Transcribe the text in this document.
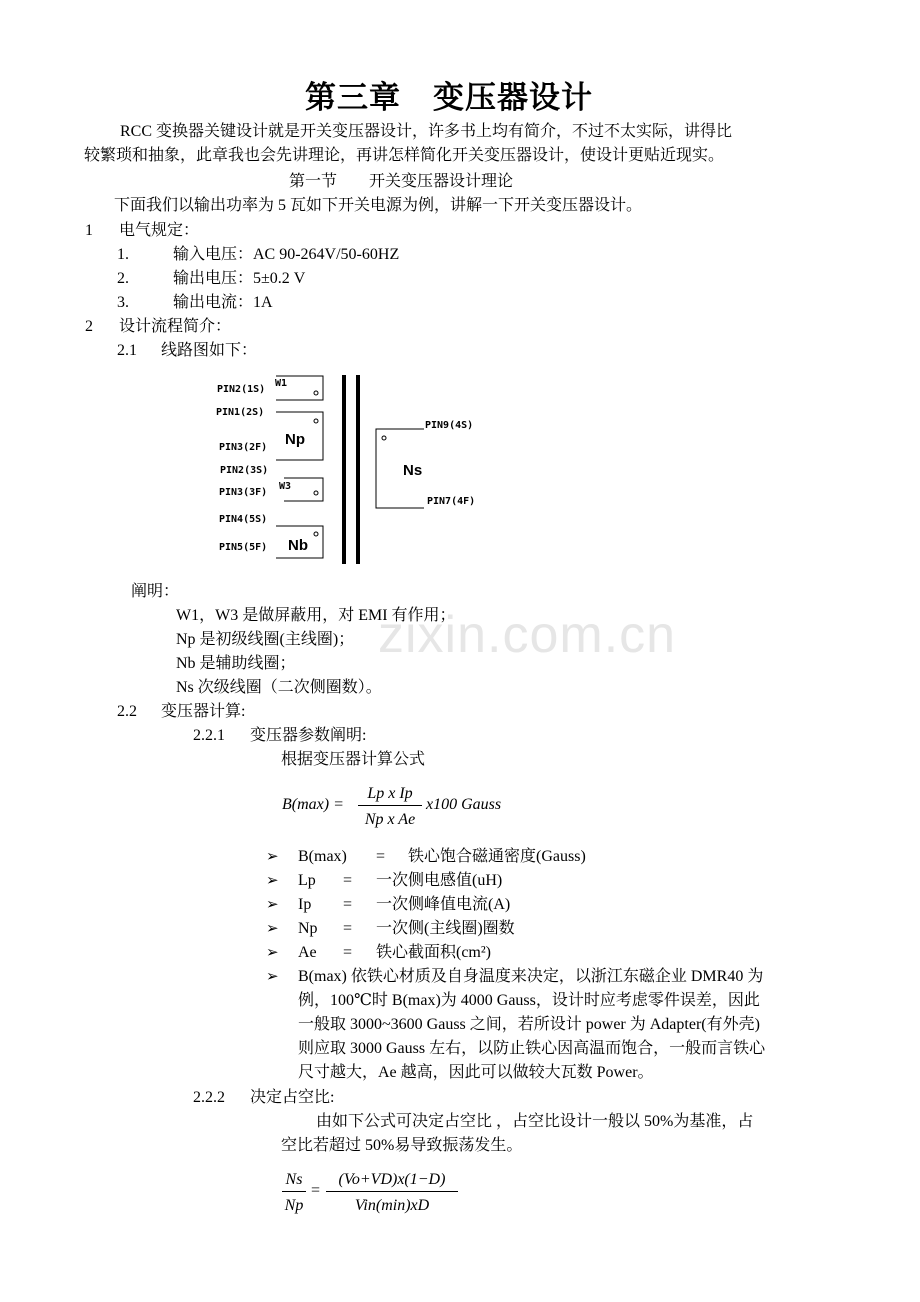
zixin.com.cn
第三章　变压器设计
RCC 变换器关键设计就是开关变压器设计，许多书上均有简介，不过不太实际，讲得比
较繁琐和抽象，此章我也会先讲理论，再讲怎样简化开关变压器设计，使设计更贴近现实。
第一节　　开关变压器设计理论
下面我们以输出功率为 5 瓦如下开关电源为例，讲解一下开关变压器设计。
1 电气规定：
1.	输入电压：AC 90-264V/50-60HZ
2.	输出电压：5±0.2 V
3.	输出电流：1A
2 设计流程简介：
2.1 线路图如下：
PIN2(1S)
PIN1(2S)
PIN3(2F)
PIN2(3S)
PIN3(3F)
PIN4(5S)
PIN5(5F)
PIN9(4S)
PIN7(4F)
W1
Np
W3
Nb
Ns
阐明：
W1，W3 是做屏蔽用，对 EMI 有作用；
Np 是初级线圈(主线圈)；
Nb 是辅助线圈；
Ns 次级线圈（二次侧圈数）。
2.2 变压器计算:
2.2.1 变压器参数阐明:
根据变压器计算公式
B(max) =
Lp x Ip
Np x Ae
x100 Gauss
➢ B(max) = 铁心饱合磁通密度(Gauss)
➢ Lp = 一次侧电感值(uH)
➢ Ip = 一次侧峰值电流(A)
➢ Np = 一次侧(主线圈)圈数
➢ Ae = 铁心截面积(cm²)
➢ B(max) 依铁心材质及自身温度来决定，以浙江东磁企业 DMR40 为
例，100℃时 B(max)为 4000 Gauss，设计时应考虑零件误差，因此
一般取 3000~3600 Gauss 之间，若所设计 power 为 Adapter(有外壳)
则应取 3000 Gauss 左右，以防止铁心因高温而饱合，一般而言铁心
尺寸越大，Ae 越高，因此可以做较大瓦数 Power。
2.2.2 决定占空比:
由如下公式可决定占空比 ，占空比设计一般以 50%为基准，占
空比若超过 50%易导致振荡发生。
Ns
Np
=
(Vo+VD)x(1−D)
Vin(min)xD
